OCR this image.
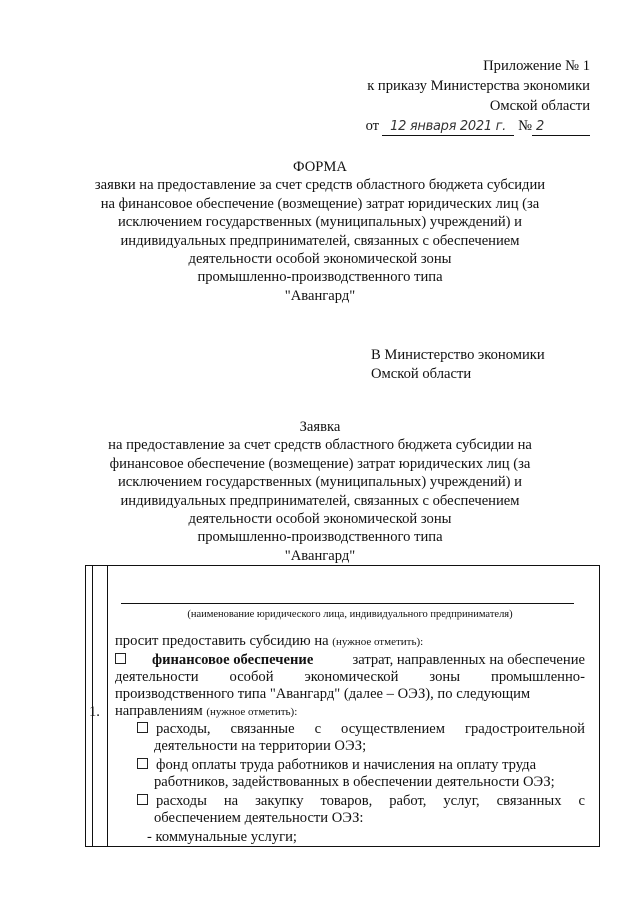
Приложение № 1
к приказу Министерства экономики
Омской области
от 12 января 2021 г. № 2
ФОРМА
заявки на предоставление за счет средств областного бюджета субсидии
на финансовое обеспечение (возмещение) затрат юридических лиц (за
исключением государственных (муниципальных) учреждений) и
индивидуальных предпринимателей, связанных с обеспечением
деятельности особой экономической зоны
промышленно-производственного типа
"Авангард"
В Министерство экономики
Омской области
Заявка
на предоставление за счет средств областного бюджета субсидии на
финансовое обеспечение (возмещение) затрат юридических лиц (за
исключением государственных (муниципальных) учреждений) и
индивидуальных предпринимателей, связанных с обеспечением
деятельности особой экономической зоны
промышленно-производственного типа
"Авангард"
1.
(наименование юридического лица, индивидуального предпринимателя)
просит предоставить субсидию на (нужное отметить):
финансовое обеспечение	затрат, направленных на обеспечение
деятельности особой экономической зоны промышленно-
производственного типа "Авангард" (далее – ОЭЗ), по следующим
направлениям (нужное отметить):
расходы, связанные с осуществлением градостроительной
деятельности на территории ОЭЗ;
фонд оплаты труда работников и начисления на оплату труда
работников, задействованных в обеспечении деятельности ОЭЗ;
расходы на закупку товаров, работ, услуг, связанных с
обеспечением деятельности ОЭЗ:
- коммунальные услуги;
